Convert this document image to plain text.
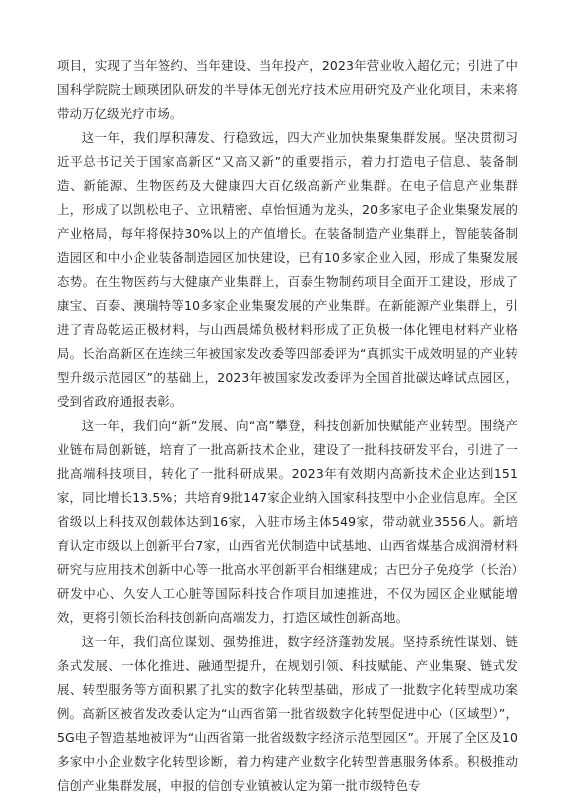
项目，实现了当年签约、当年建设、当年投产，2023年营业收入超亿元；引进了中国科学院院士顾瑛团队研发的半导体无创光疗技术应用研究及产业化项目，未来将带动万亿级光疗市场。

这一年，我们厚积薄发、行稳致远，四大产业加快集聚集群发展。坚决贯彻习近平总书记关于国家高新区“又高又新”的重要指示，着力打造电子信息、装备制造、新能源、生物医药及大健康四大百亿级高新产业集群。在电子信息产业集群上，形成了以凯松电子、立讯精密、卓怡恒通为龙头，20多家电子企业集聚发展的产业格局，每年将保持30%以上的产值增长。在装备制造产业集群上，智能装备制造园区和中小企业装备制造园区加快建设，已有10多家企业入园，形成了集聚发展态势。在生物医药与大健康产业集群上，百泰生物制药项目全面开工建设，形成了康宝、百泰、澳瑞特等10多家企业集聚发展的产业集群。在新能源产业集群上，引进了青岛乾运正极材料，与山西晨烯负极材料形成了正负极一体化锂电材料产业格局。长治高新区在连续三年被国家发改委等四部委评为“真抓实干成效明显的产业转型升级示范园区”的基础上，2023年被国家发改委评为全国首批碳达峰试点园区，受到省政府通报表彰。

这一年，我们向“新”发展、向“高”攀登，科技创新加快赋能产业转型。围绕产业链布局创新链，培育了一批高新技术企业，建设了一批科技研发平台，引进了一批高端科技项目，转化了一批科研成果。2023年有效期内高新技术企业达到151家，同比增长13.5%；共培育9批147家企业纳入国家科技型中小企业信息库。全区省级以上科技双创载体达到16家，入驻市场主体549家，带动就业3556人。新培育认定市级以上创新平台7家，山西省光伏制造中试基地、山西省煤基合成润滑材料研究与应用技术创新中心等一批高水平创新平台相继建成；古巴分子免疫学（长治）研发中心、久安人工心脏等国际科技合作项目加速推进，不仅为园区企业赋能增效，更将引领长治科技创新向高端发力，打造区域性创新高地。

这一年，我们高位谋划、强势推进，数字经济蓬勃发展。坚持系统性谋划、链条式发展、一体化推进、融通型提升，在规划引领、科技赋能、产业集聚、链式发展、转型服务等方面积累了扎实的数字化转型基础，形成了一批数字化转型成功案例。高新区被省发改委认定为“山西省第一批省级数字化转型促进中心（区域型）”，5G电子智造基地被评为“山西省第一批省级数字经济示范型园区”。开展了全区及10多家中小企业数字化转型诊断，着力构建产业数字化转型普惠服务体系。积极推动信创产业集群发展，申报的信创专业镇被认定为第一批市级特色专
